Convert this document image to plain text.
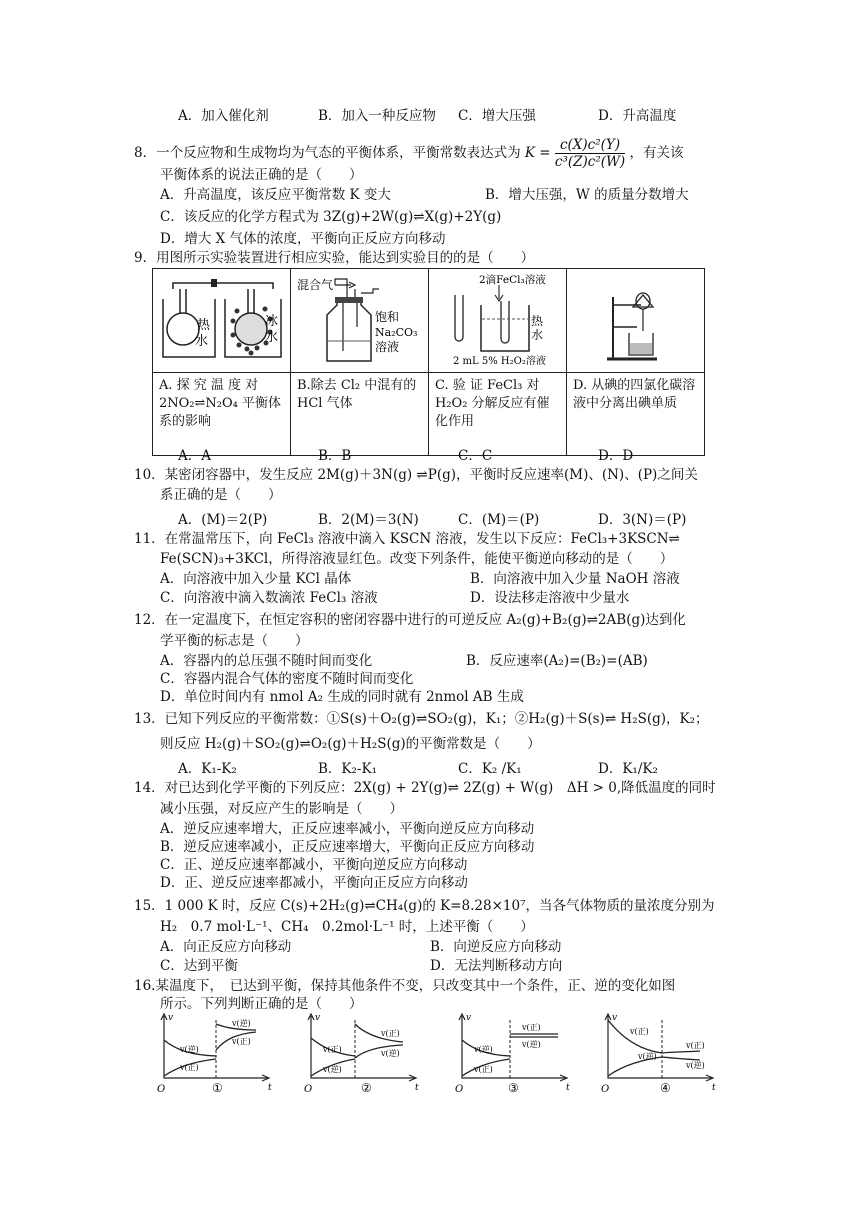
A．加入催化剂	B．加入一种反应物	C．增大压强	D．升高温度
8．一个反应物和生成物均为气态的平衡体系，平衡常数表达式为 $K = \frac{\text{c(X)c²(Y)}}{\text{c³(Z)c²(W)}}$ ，有关该
平衡体系的说法正确的是（　　）
A．升高温度，该反应平衡常数 K 变大	B．增大压强，W 的质量分数增大
C．该反应的化学方程式为 3Z(g)+2W(g)⇌X(g)+2Y(g)
D．增大 X 气体的浓度，平衡向正反应方向移动
9．用图所示实验装置进行相应实验，能达到实验目的的是（　　）
热
水
冰
水	混合气
饱和
Na₂CO₃
溶液	2滴FeCl₃溶液
热
水
2 mL 5% H₂O₂溶液

A. 探 究 温 度 对 2NO₂⇌N₂O₄ 平衡体系的影响	B.除去 Cl₂ 中混有的 HCl 气体	C. 验 证 FeCl₃ 对 H₂O₂ 分解反应有催化作用	D. 从碘的四氯化碳溶液中分离出碘单质
A．A	B．B	C．C	D．D
10．某密闭容器中，发生反应 2M(g)＋3N(g) ⇌P(g)，平衡时反应速率(M)、(N)、(P)之间关
系正确的是（　　）
A．(M)＝2(P)	B．2(M)＝3(N)	C．(M)＝(P)	D．3(N)＝(P)
11．在常温常压下，向 FeCl₃ 溶液中滴入 KSCN 溶液，发生以下反应：FeCl₃+3KSCN⇌
Fe(SCN)₃+3KCl，所得溶液显红色。改变下列条件，能使平衡逆向移动的是（　　）
A．向溶液中加入少量 KCl 晶体	B．向溶液中加入少量 NaOH 溶液
C．向溶液中滴入数滴浓 FeCl₃ 溶液	D．设法移走溶液中少量水
12．在一定温度下，在恒定容积的密闭容器中进行的可逆反应 A₂(g)+B₂(g)⇌2AB(g)达到化
学平衡的标志是（　　）
A．容器内的总压强不随时间而变化	B．反应速率(A₂)=(B₂)=(AB)
C．容器内混合气体的密度不随时间而变化
D．单位时间内有 nmol A₂ 生成的同时就有 2nmol AB 生成
13．已知下列反应的平衡常数：①S(s)＋O₂(g)⇌SO₂(g)，K₁；②H₂(g)＋S(s)⇌ H₂S(g)，K₂；
则反应 H₂(g)＋SO₂(g)⇌O₂(g)＋H₂S(g)的平衡常数是（　　）
A．K₁-K₂	B．K₂-K₁	C．K₂ /K₁	D．K₁/K₂
14．对已达到化学平衡的下列反应：2X(g) + 2Y(g)⇌ 2Z(g) + W(g)　ΔH > 0,降低温度的同时
减小压强，对反应产生的影响是（　　）
A．逆反应速率增大，正反应速率减小，平衡向逆反应方向移动
B．逆反应速率减小，正反应速率增大，平衡向正反应方向移动
C．正、逆反应速率都减小，平衡向逆反应方向移动
D．正、逆反应速率都减小，平衡向正反应方向移动
15．1 000 K 时，反应 C(s)+2H₂(g)⇌CH₄(g)的 K=8.28×10⁷，当各气体物质的量浓度分别为
H₂　0.7 mol·L⁻¹、CH₄　0.2mol·L⁻¹ 时，上述平衡（　　）
A．向正反应方向移动	B．向逆反应方向移动
C．达到平衡	D．无法判断移动方向
16.某温度下，　已达到平衡，保持其他条件不变，只改变其中一个条件，正、逆的变化如图
所示。下列判断正确的是（　　）
O
v
t
v(逆)
v(正)
v(逆)
v(正)
①	O
v
t
v(正)
v(逆)
v(正)
v(逆)
②	O
v
t
v(逆)
v(正)
v(正)
v(逆)
③	O
v
t
v(正)
v(逆)
v(正)
v(逆)
④
